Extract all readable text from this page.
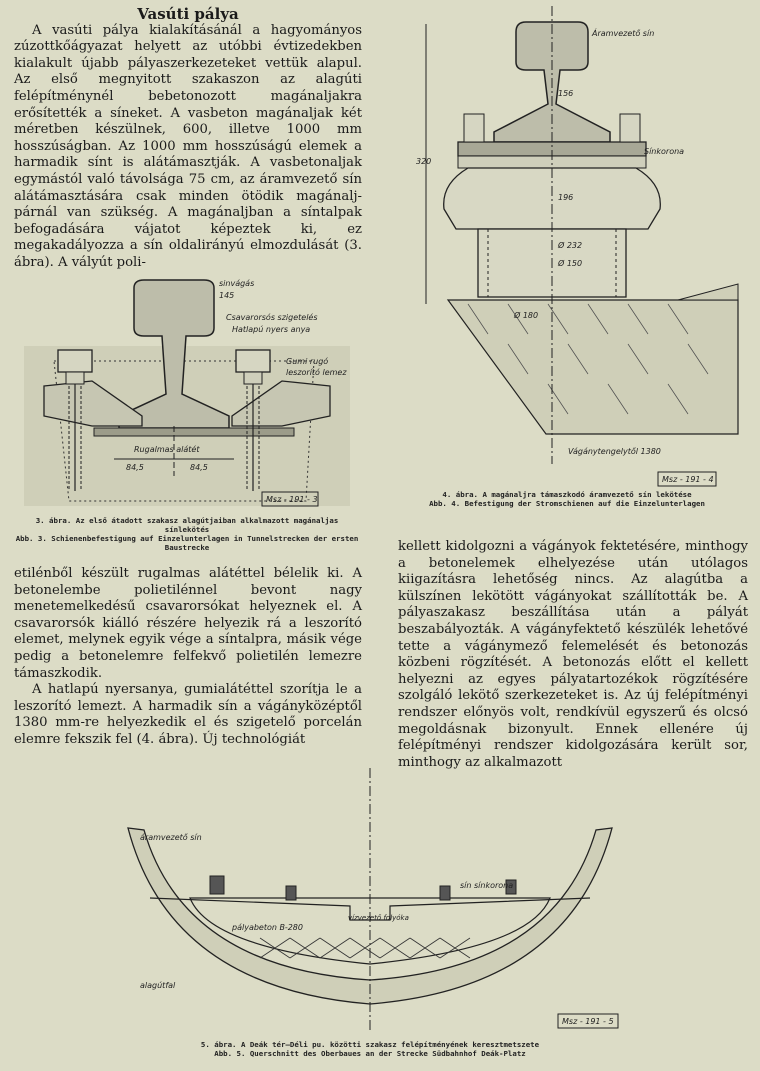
Vasúti pálya

A vasúti pálya kialakításánál a hagyományos zúzottkőágyazat helyett az utóbbi évtizedekben kialakult újabb pályaszerkezeteket vettük alapul. Az első megnyitott szakaszon az alagúti felépítménynél bebetonozott magánaljakra erősítették a síneket. A vasbeton magánaljak két méretben készülnek, 600, illetve 1000 mm hosszúságban. Az 1000 mm hosszúságú elemek a harmadik sínt is alátámasztják. A vasbetonaljak egymástól való távolsága 75 cm, az áramvezető sín alátámasztására csak minden ötödik magánalj-párnál van szükség. A magánaljban a síntalpak befogadására vájatot képeztek ki, ez megakadályozza a sín oldalirányú elmozdulását (3. ábra). A vályút poli-

sinvágás
145
Csavarorsós szigetelés
Hatlapú nyers anya
Gumi rugó
leszorító lemez
Rugalmas alátét
84,5	84,5
Msz - 191 - 3
3. ábra. Az első átadott szakasz alagútjaiban alkalmazott magánaljas sínlekötés
Abb. 3. Schienenbefestigung auf Einzelunterlagen in Tunnelstrecken der ersten Baustrecke

etilénből készült rugalmas alátéttel bélelik ki. A betonelembe polietilénnel bevont nagy menetemelkedésű csavarorsókat helyeznek el. A csavarorsók kiálló részére helyezik rá a leszorító elemet, melynek egyik vége a síntalpra, másik vége pedig a betonelemre felfekvő polietilén lemezre támaszkodik.

A hatlapú nyersanya, gumialátéttel szorítja le a leszorító lemezt. A harmadik sín a vágányközéptől 1380 mm-re helyezkedik el és szigetelő porcelán elemre fekszik fel (4. ábra). Új technológiát

320
Áramvezető sín
156
196
Ø 232
Ø 150
Ø 180
Sínkorona
Vágánytengelytől 1380
Msz - 191 - 4
4. ábra. A magánaljra támaszkodó áramvezető sín lekötése
Abb. 4. Befestigung der Stromschienen auf die Einzelunterlagen

kellett kidolgozni a vágányok fektetésére, minthogy a betonelemek elhelyezése után utólagos kiigazításra lehetőség nincs. Az alagútba a külszínen lekötött vágányokat szállították be. A pályaszakasz beszállítása után a pályát beszabályozták. A vágányfektető készülék lehetővé tette a vágánymező felemelését és betonozás közbeni rögzítését. A betonozás előtt el kellett helyezni az egyes pályatartozékok rögzítésére szolgáló lekötő szerkezeteket is. Az új felépítményi rendszer előnyös volt, rendkívül egyszerű és olcsó megoldásnak bizonyult. Ennek ellenére új felépítményi rendszer kidolgozására került sor, minthogy az alkalmazott

áramvezető sín
sín sínkorona
pályabeton B-280
vízvezető folyóka
alagútfal
Msz - 191 - 5
5. ábra. A Deák tér—Déli pu. közötti szakasz felépítményének keresztmetszete
Abb. 5. Querschnitt des Oberbaues an der Strecke Südbahnhof Deák-Platz
